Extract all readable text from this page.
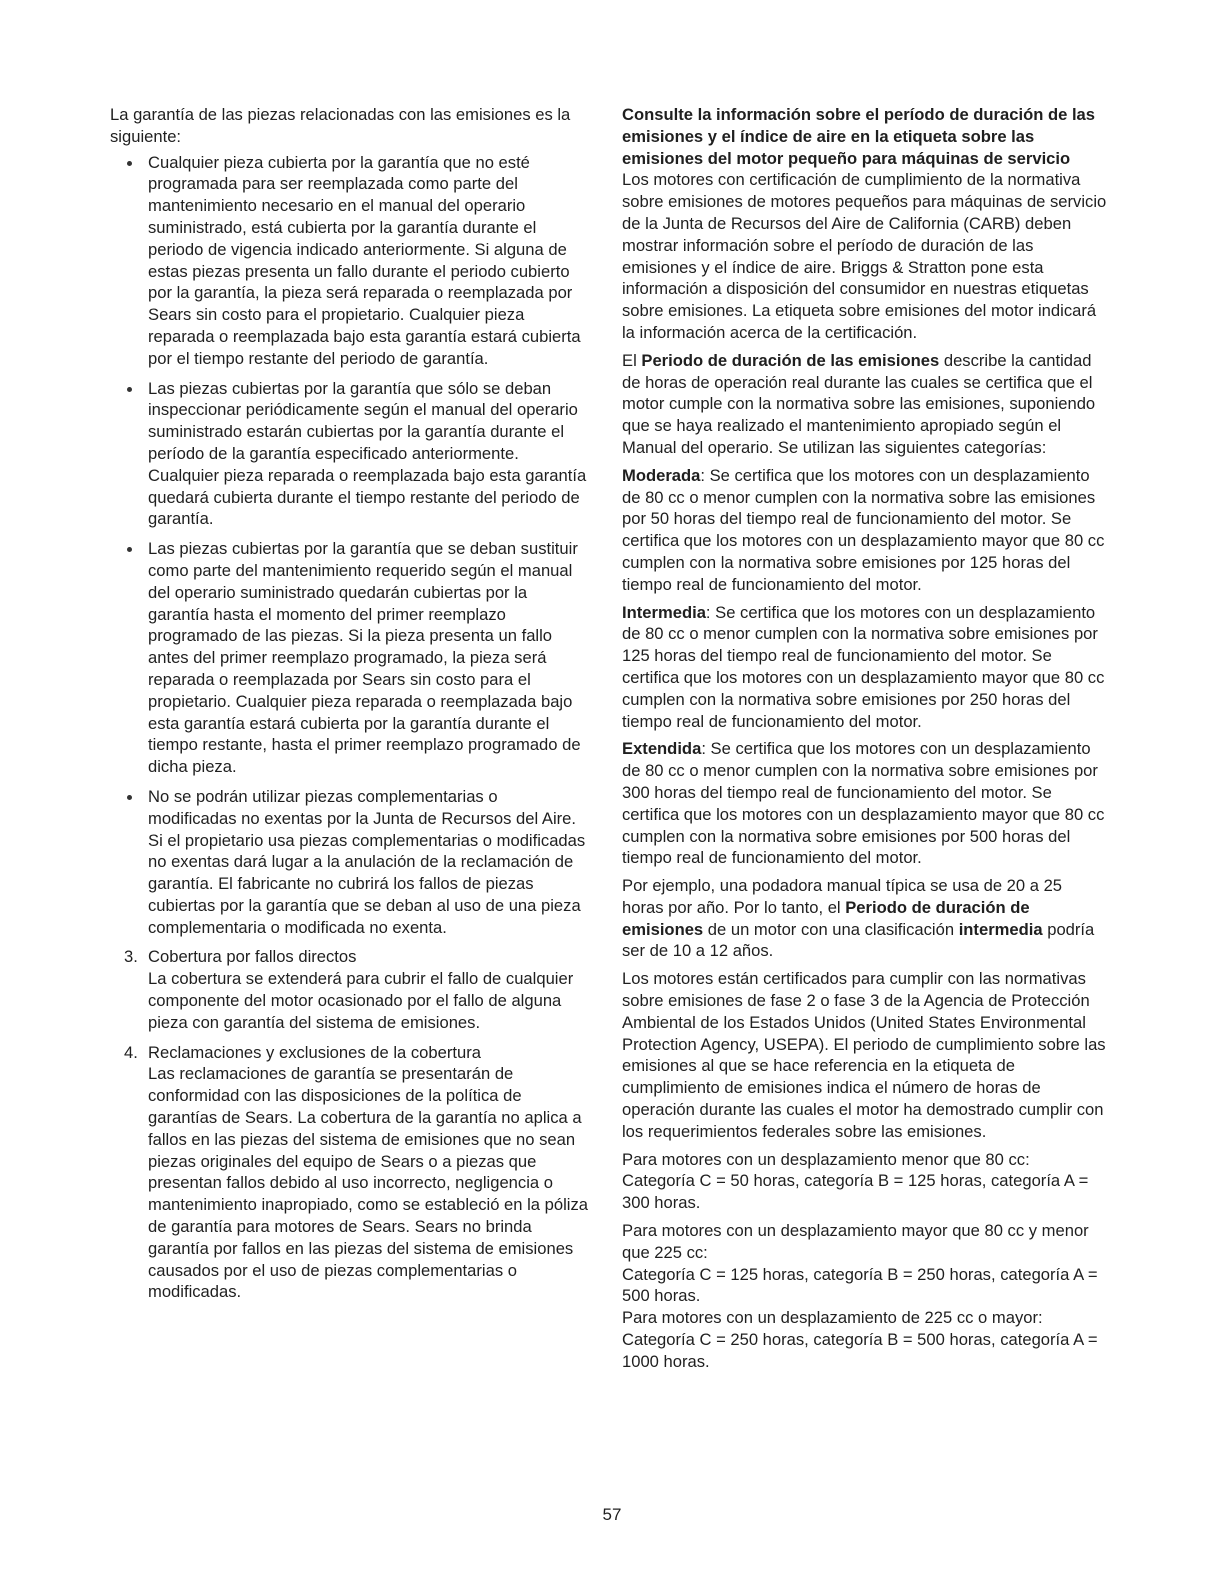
La garantía de las piezas relacionadas con las emisiones es la siguiente:

Cualquier pieza cubierta por la garantía que no esté programada para ser reemplazada como parte del mantenimiento necesario en el manual del operario suministrado, está cubierta por la garantía durante el periodo de vigencia indicado anteriormente. Si alguna de estas piezas presenta un fallo durante el periodo cubierto por la garantía, la pieza será reparada o reemplazada por Sears sin costo para el propietario. Cualquier pieza reparada o reemplazada bajo esta garantía estará cubierta por el tiempo restante del periodo de garantía.
Las piezas cubiertas por la garantía que sólo se deban inspeccionar periódicamente según el manual del operario suministrado estarán cubiertas por la garantía durante el período de la garantía especificado anteriormente. Cualquier pieza reparada o reemplazada bajo esta garantía quedará cubierta durante el tiempo restante del periodo de garantía.
Las piezas cubiertas por la garantía que se deban sustituir como parte del mantenimiento requerido según el manual del operario suministrado quedarán cubiertas por la garantía hasta el momento del primer reemplazo programado de las piezas. Si la pieza presenta un fallo antes del primer reemplazo programado, la pieza será reparada o reemplazada por Sears sin costo para el propietario. Cualquier pieza reparada o reemplazada bajo esta garantía estará cubierta por la garantía durante el tiempo restante, hasta el primer reemplazo programado de dicha pieza.
No se podrán utilizar piezas complementarias o modificadas no exentas por la Junta de Recursos del Aire. Si el propietario usa piezas complementarias o modificadas no exentas dará lugar a la anulación de la reclamación de garantía. El fabricante no cubrirá los fallos de piezas cubiertas por la garantía que se deban al uso de una pieza complementaria o modificada no exenta.
3. Cobertura por fallos directos
La cobertura se extenderá para cubrir el fallo de cualquier componente del motor ocasionado por el fallo de alguna pieza con garantía del sistema de emisiones.
4. Reclamaciones y exclusiones de la cobertura
Las reclamaciones de garantía se presentarán de conformidad con las disposiciones de la política de garantías de Sears. La cobertura de la garantía no aplica a fallos en las piezas del sistema de emisiones que no sean piezas originales del equipo de Sears o a piezas que presentan fallos debido al uso incorrecto, negligencia o mantenimiento inapropiado, como se estableció en la póliza de garantía para motores de Sears. Sears no brinda garantía por fallos en las piezas del sistema de emisiones causados por el uso de piezas complementarias o modificadas.

Consulte la información sobre el período de duración de las emisiones y el índice de aire en la etiqueta sobre las emisiones del motor pequeño para máquinas de servicio

Los motores con certificación de cumplimiento de la normativa sobre emisiones de motores pequeños para máquinas de servicio de la Junta de Recursos del Aire de California (CARB) deben mostrar información sobre el período de duración de las emisiones y el índice de aire. Briggs & Stratton pone esta información a disposición del consumidor en nuestras etiquetas sobre emisiones. La etiqueta sobre emisiones del motor indicará la información acerca de la certificación.

El Periodo de duración de las emisiones describe la cantidad de horas de operación real durante las cuales se certifica que el motor cumple con la normativa sobre las emisiones, suponiendo que se haya realizado el mantenimiento apropiado según el Manual del operario. Se utilizan las siguientes categorías:

Moderada: Se certifica que los motores con un desplazamiento de 80 cc o menor cumplen con la normativa sobre las emisiones por 50 horas del tiempo real de funcionamiento del motor. Se certifica que los motores con un desplazamiento mayor que 80 cc cumplen con la normativa sobre emisiones por 125 horas del tiempo real de funcionamiento del motor.

Intermedia: Se certifica que los motores con un desplazamiento de 80 cc o menor cumplen con la normativa sobre emisiones por 125 horas del tiempo real de funcionamiento del motor. Se certifica que los motores con un desplazamiento mayor que 80 cc cumplen con la normativa sobre emisiones por 250 horas del tiempo real de funcionamiento del motor.

Extendida: Se certifica que los motores con un desplazamiento de 80 cc o menor cumplen con la normativa sobre emisiones por 300 horas del tiempo real de funcionamiento del motor. Se certifica que los motores con un desplazamiento mayor que 80 cc cumplen con la normativa sobre emisiones por 500 horas del tiempo real de funcionamiento del motor.

Por ejemplo, una podadora manual típica se usa de 20 a 25 horas por año. Por lo tanto, el Periodo de duración de emisiones de un motor con una clasificación intermedia podría ser de 10 a 12 años.

Los motores están certificados para cumplir con las normativas sobre emisiones de fase 2 o fase 3 de la Agencia de Protección Ambiental de los Estados Unidos (United States Environmental Protection Agency, USEPA). El periodo de cumplimiento sobre las emisiones al que se hace referencia en la etiqueta de cumplimiento de emisiones indica el número de horas de operación durante las cuales el motor ha demostrado cumplir con los requerimientos federales sobre las emisiones.

Para motores con un desplazamiento menor que 80 cc:
Categoría C = 50 horas, categoría B = 125 horas, categoría A = 300 horas.

Para motores con un desplazamiento mayor que 80 cc y menor que 225 cc:
Categoría C = 125 horas, categoría B = 250 horas, categoría A = 500 horas.

Para motores con un desplazamiento de 225 cc o mayor:
Categoría C = 250 horas, categoría B = 500 horas, categoría A = 1000 horas.

57
